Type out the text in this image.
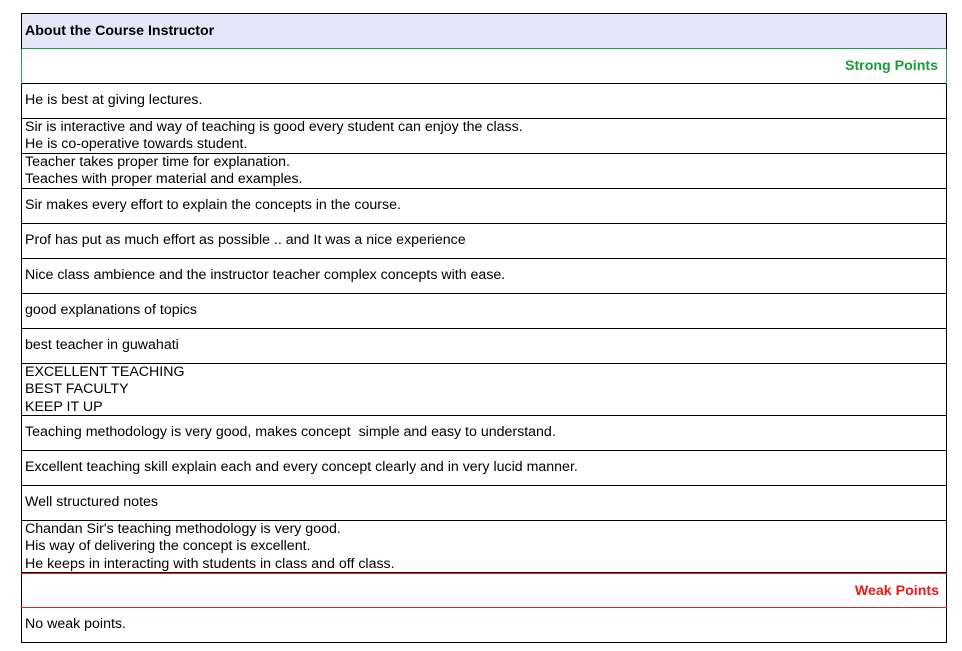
About the Course Instructor
Strong Points
He is best at giving lectures.
Sir is interactive and way of teaching is good every student can enjoy the class.
He is co-operative towards student.
Teacher takes proper time for explanation.
Teaches with proper material and examples.
Sir makes every effort to explain the concepts in the course.
Prof has put as much effort as possible .. and It was a nice experience
Nice class ambience and the instructor teacher complex concepts with ease.
good explanations of topics
best teacher in guwahati
EXCELLENT TEACHING
BEST FACULTY
KEEP IT UP
Teaching methodology is very good, makes concept  simple and easy to understand.
Excellent teaching skill explain each and every concept clearly and in very lucid manner.
Well structured notes
Chandan Sir's teaching methodology is very good.
His way of delivering the concept is excellent.
He keeps in interacting with students in class and off class.
Weak Points
No weak points.
